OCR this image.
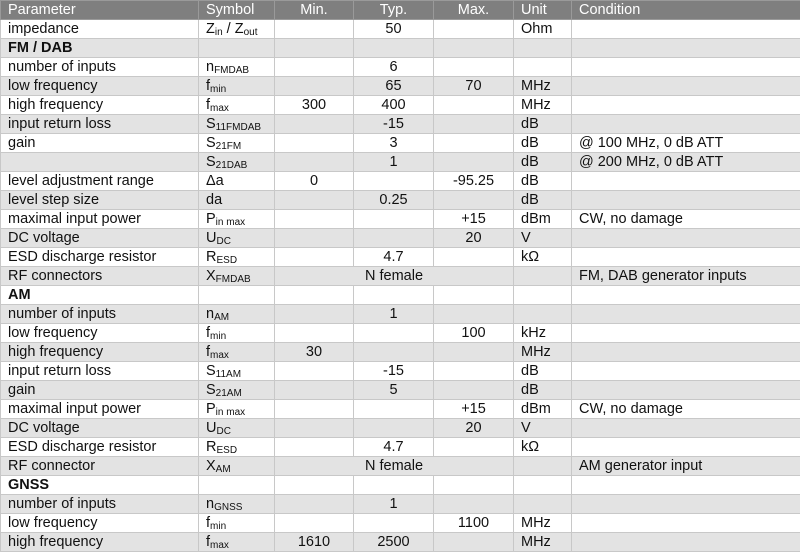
Parameter	Symbol	Min.	Typ.	Max.	Unit	Condition
impedance	$Z_{in} / Z_{out}$		50		Ohm	
FM / DAB						
number of inputs	$n_{FMDAB}$		6			
low frequency	$f_{min}$		65	70	MHz	
high frequency	$f_{max}$	300	400		MHz	
input return loss	$S_{11FMDAB}$		-15		dB	
gain	$S_{21FM}$		3		dB	@ 100 MHz, 0 dB ATT
	$S_{21DAB}$		1		dB	@ 200 MHz, 0 dB ATT
level adjustment range	Δa	0		-95.25	dB	
level step size	da		0.25		dB	
maximal input power	$P_{in max}$			+15	dBm	CW, no damage
DC voltage	$U_{DC}$			20	V	
ESD discharge resistor	$R_{ESD}$		4.7		kΩ	
RF connectors	$X_{FMDAB}$	N female				FM, DAB generator inputs
AM						
number of inputs	$n_{AM}$		1			
low frequency	$f_{min}$			100	kHz	
high frequency	$f_{max}$	30			MHz	
input return loss	$S_{11AM}$		-15		dB	
gain	$S_{21AM}$		5		dB	
maximal input power	$P_{in max}$			+15	dBm	CW, no damage
DC voltage	$U_{DC}$			20	V	
ESD discharge resistor	$R_{ESD}$		4.7		kΩ	
RF connector	$X_{AM}$	N female				AM generator input
GNSS						
number of inputs	$n_{GNSS}$		1			
low frequency	$f_{min}$			1100	MHz	
high frequency	$f_{max}$	1610	2500		MHz	
